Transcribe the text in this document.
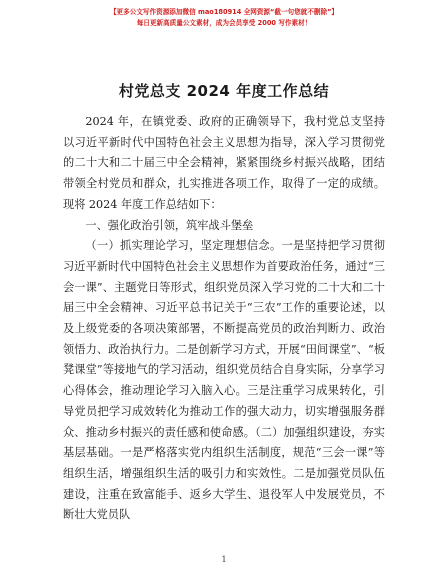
【更多公文写作资源添加微信 mao180914 全网资源“截一句您就不删除”】
每日更新高质量公文素材，成为会员享受 2000 写作素材！
村党总支 2024 年度工作总结

2024 年，在镇党委、政府的正确领导下，我村党总支坚持以习近平新时代中国特色社会主义思想为指导，深入学习贯彻党的二十大和二十届三中全会精神，紧紧围绕乡村振兴战略，团结带领全村党员和群众，扎实推进各项工作，取得了一定的成绩。现将 2024 年度工作总结如下：

一、强化政治引领，筑牢战斗堡垒

（一）抓实理论学习，坚定理想信念。一是坚持把学习贯彻习近平新时代中国特色社会主义思想作为首要政治任务，通过“三会一课”、主题党日等形式，组织党员深入学习党的二十大和二十届三中全会精神、习近平总书记关于“三农”工作的重要论述，以及上级党委的各项决策部署，不断提高党员的政治判断力、政治领悟力、政治执行力。二是创新学习方式，开展“田间课堂”、“板凳课堂”等接地气的学习活动，组织党员结合自身实际，分享学习心得体会，推动理论学习入脑入心。三是注重学习成果转化，引导党员把学习成效转化为推动工作的强大动力，切实增强服务群众、推动乡村振兴的责任感和使命感。（二）加强组织建设，夯实基层基础。一是严格落实党内组织生活制度，规范“三会一课”等组织生活，增强组织生活的吸引力和实效性。二是加强党员队伍建设，注重在致富能手、返乡大学生、退役军人中发展党员，不断壮大党员队

1
